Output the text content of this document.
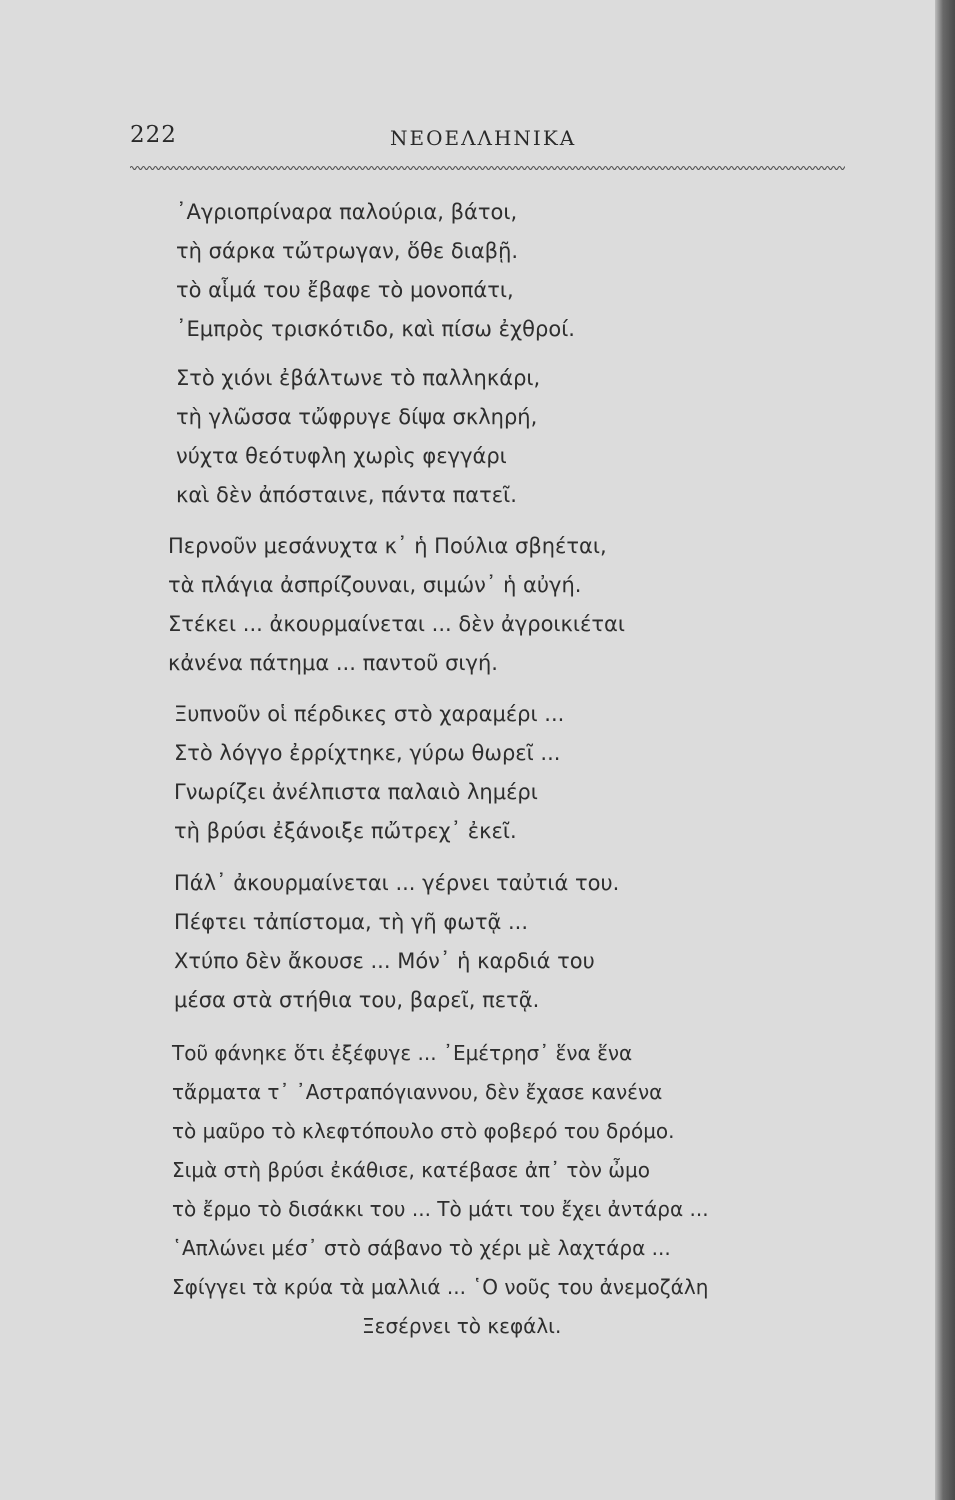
222	ΝΕΟΕΛΛΗΝΙΚΑ
᾿Αγριοπρίναρα παλούρια, βάτοι,
τὴ σάρκα τὤτρωγαν, ὅθε διαβῇ.
τὸ αἷμά του ἔβαφε τὸ μονοπάτι,
᾿Εμπρὸς τρισκότιδο, καὶ πίσω ἐχθροί.
Στὸ χιόνι ἐβάλτωνε τὸ παλληκάρι,
τὴ γλῶσσα τὤφρυγε δίψα σκληρή,
νύχτα θεότυφλη χωρὶς φεγγάρι
καὶ δὲν ἀπόσταινε, πάντα πατεῖ.
Περνοῦν μεσάνυχτα κ᾿ ἡ Πούλια σβηέται,
τὰ πλάγια ἀσπρίζουναι, σιμών᾿ ἡ αὐγή.
Στέκει ... ἀκουρμαίνεται ... δὲν ἀγροικιέται
κἀνένα πάτημα ... παντοῦ σιγή.
Ξυπνοῦν οἱ πέρδικες στὸ χαραμέρι ...
Στὸ λόγγο ἐρρίχτηκε, γύρω θωρεῖ ...
Γνωρίζει ἀνέλπιστα παλαιὸ λημέρι
τὴ βρύσι ἐξάνοιξε πὤτρεχ᾿ ἐκεῖ.
Πάλ᾿ ἀκουρμαίνεται ... γέρνει ταὐτιά του.
Πέφτει τἀπίστομα, τὴ γῆ φωτᾷ ...
Χτύπο δὲν ἄκουσε ... Μόν᾿ ἡ καρδιά του
μέσα στὰ στήθια του, βαρεῖ, πετᾷ.
Τοῦ φάνηκε ὅτι ἐξέφυγε ... ᾿Εμέτρησ᾿ ἕνα ἕνα
τἄρματα τ᾿ ᾿Αστραπόγιαννου, δὲν ἔχασε κανένα
τὸ μαῦρο τὸ κλεφτόπουλο στὸ φοβερό του δρόμο.
Σιμὰ στὴ βρύσι ἐκάθισε, κατέβασε ἀπ᾿ τὸν ὦμο
τὸ ἔρμο τὸ δισάκκι του ... Τὸ μάτι του ἔχει ἀντάρα ...
῾Απλώνει μέσ᾿ στὸ σάβανο τὸ χέρι μὲ λαχτάρα ...
Σφίγγει τὰ κρύα τὰ μαλλιά ... ῾Ο νοῦς του ἀνεμοζάλη
Ξεσέρνει τὸ κεφάλι.
